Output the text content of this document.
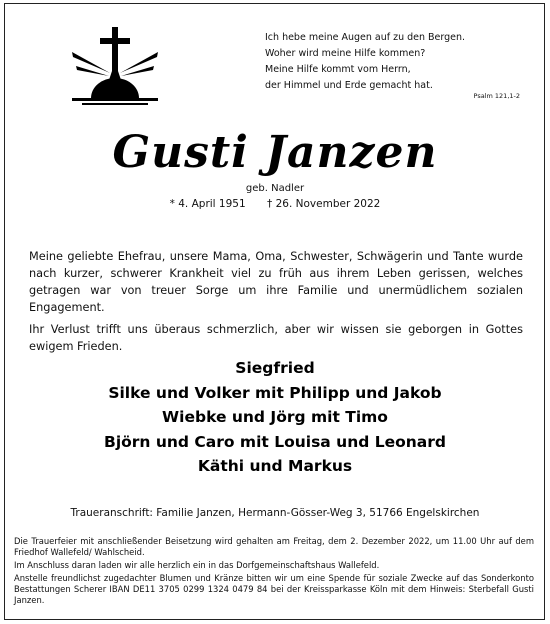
Ich hebe meine Augen auf zu den Bergen.
Woher wird meine Hilfe kommen?
Meine Hilfe kommt vom Herrn,
der Himmel und Erde gemacht hat.
Psalm 121,1-2
Gusti Janzen
geb. Nadler
* 4. April 1951 † 26. November 2022

Meine geliebte Ehefrau, unsere Mama, Oma, Schwester, Schwägerin und Tante wurde nach kurzer, schwerer Krankheit viel zu früh aus ihrem Leben gerissen, welches getragen war von treuer Sorge um ihre Familie und unermüdlichem sozialen Engagement.

Ihr Verlust trifft uns überaus schmerzlich, aber wir wissen sie geborgen in Gottes ewigem Frieden.

Siegfried
Silke und Volker mit Philipp und Jakob
Wiebke und Jörg mit Timo
Björn und Caro mit Louisa und Leonard
Käthi und Markus
Traueranschrift: Familie Janzen, Hermann-Gösser-Weg 3, 51766 Engelskirchen

Die Trauerfeier mit anschließender Beisetzung wird gehalten am Freitag, dem 2. Dezember 2022, um 11.00 Uhr auf dem Friedhof Wallefeld/ Wahlscheid.

Im Anschluss daran laden wir alle herzlich ein in das Dorfgemeinschaftshaus Wallefeld.

Anstelle freundlichst zugedachter Blumen und Kränze bitten wir um eine Spende für soziale Zwecke auf das Sonderkonto Bestattungen Scherer IBAN DE11 3705 0299 1324 0479 84 bei der Kreissparkasse Köln mit dem Hinweis: Sterbefall Gusti Janzen.
